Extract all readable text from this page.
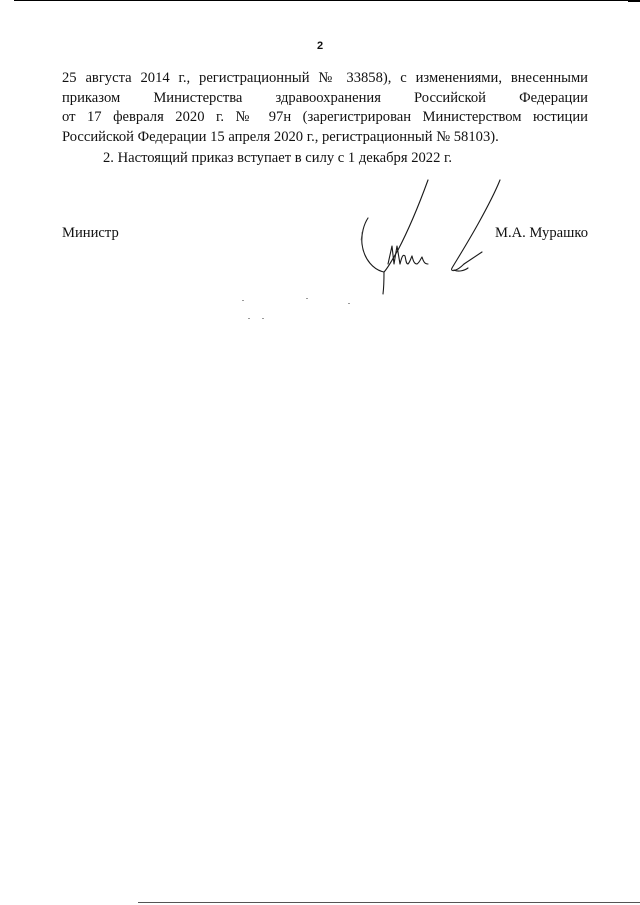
2
25 августа 2014 г., регистрационный № 33858), с изменениями, внесенными
приказом Министерства здравоохранения Российской Федерации
от 17 февраля 2020 г. № 97н (зарегистрирован Министерством юстиции
Российской Федерации 15 апреля 2020 г., регистрационный № 58103).
2. Настоящий приказ вступает в силу с 1 декабря 2022 г.
Министр	М.А. Мурашко
